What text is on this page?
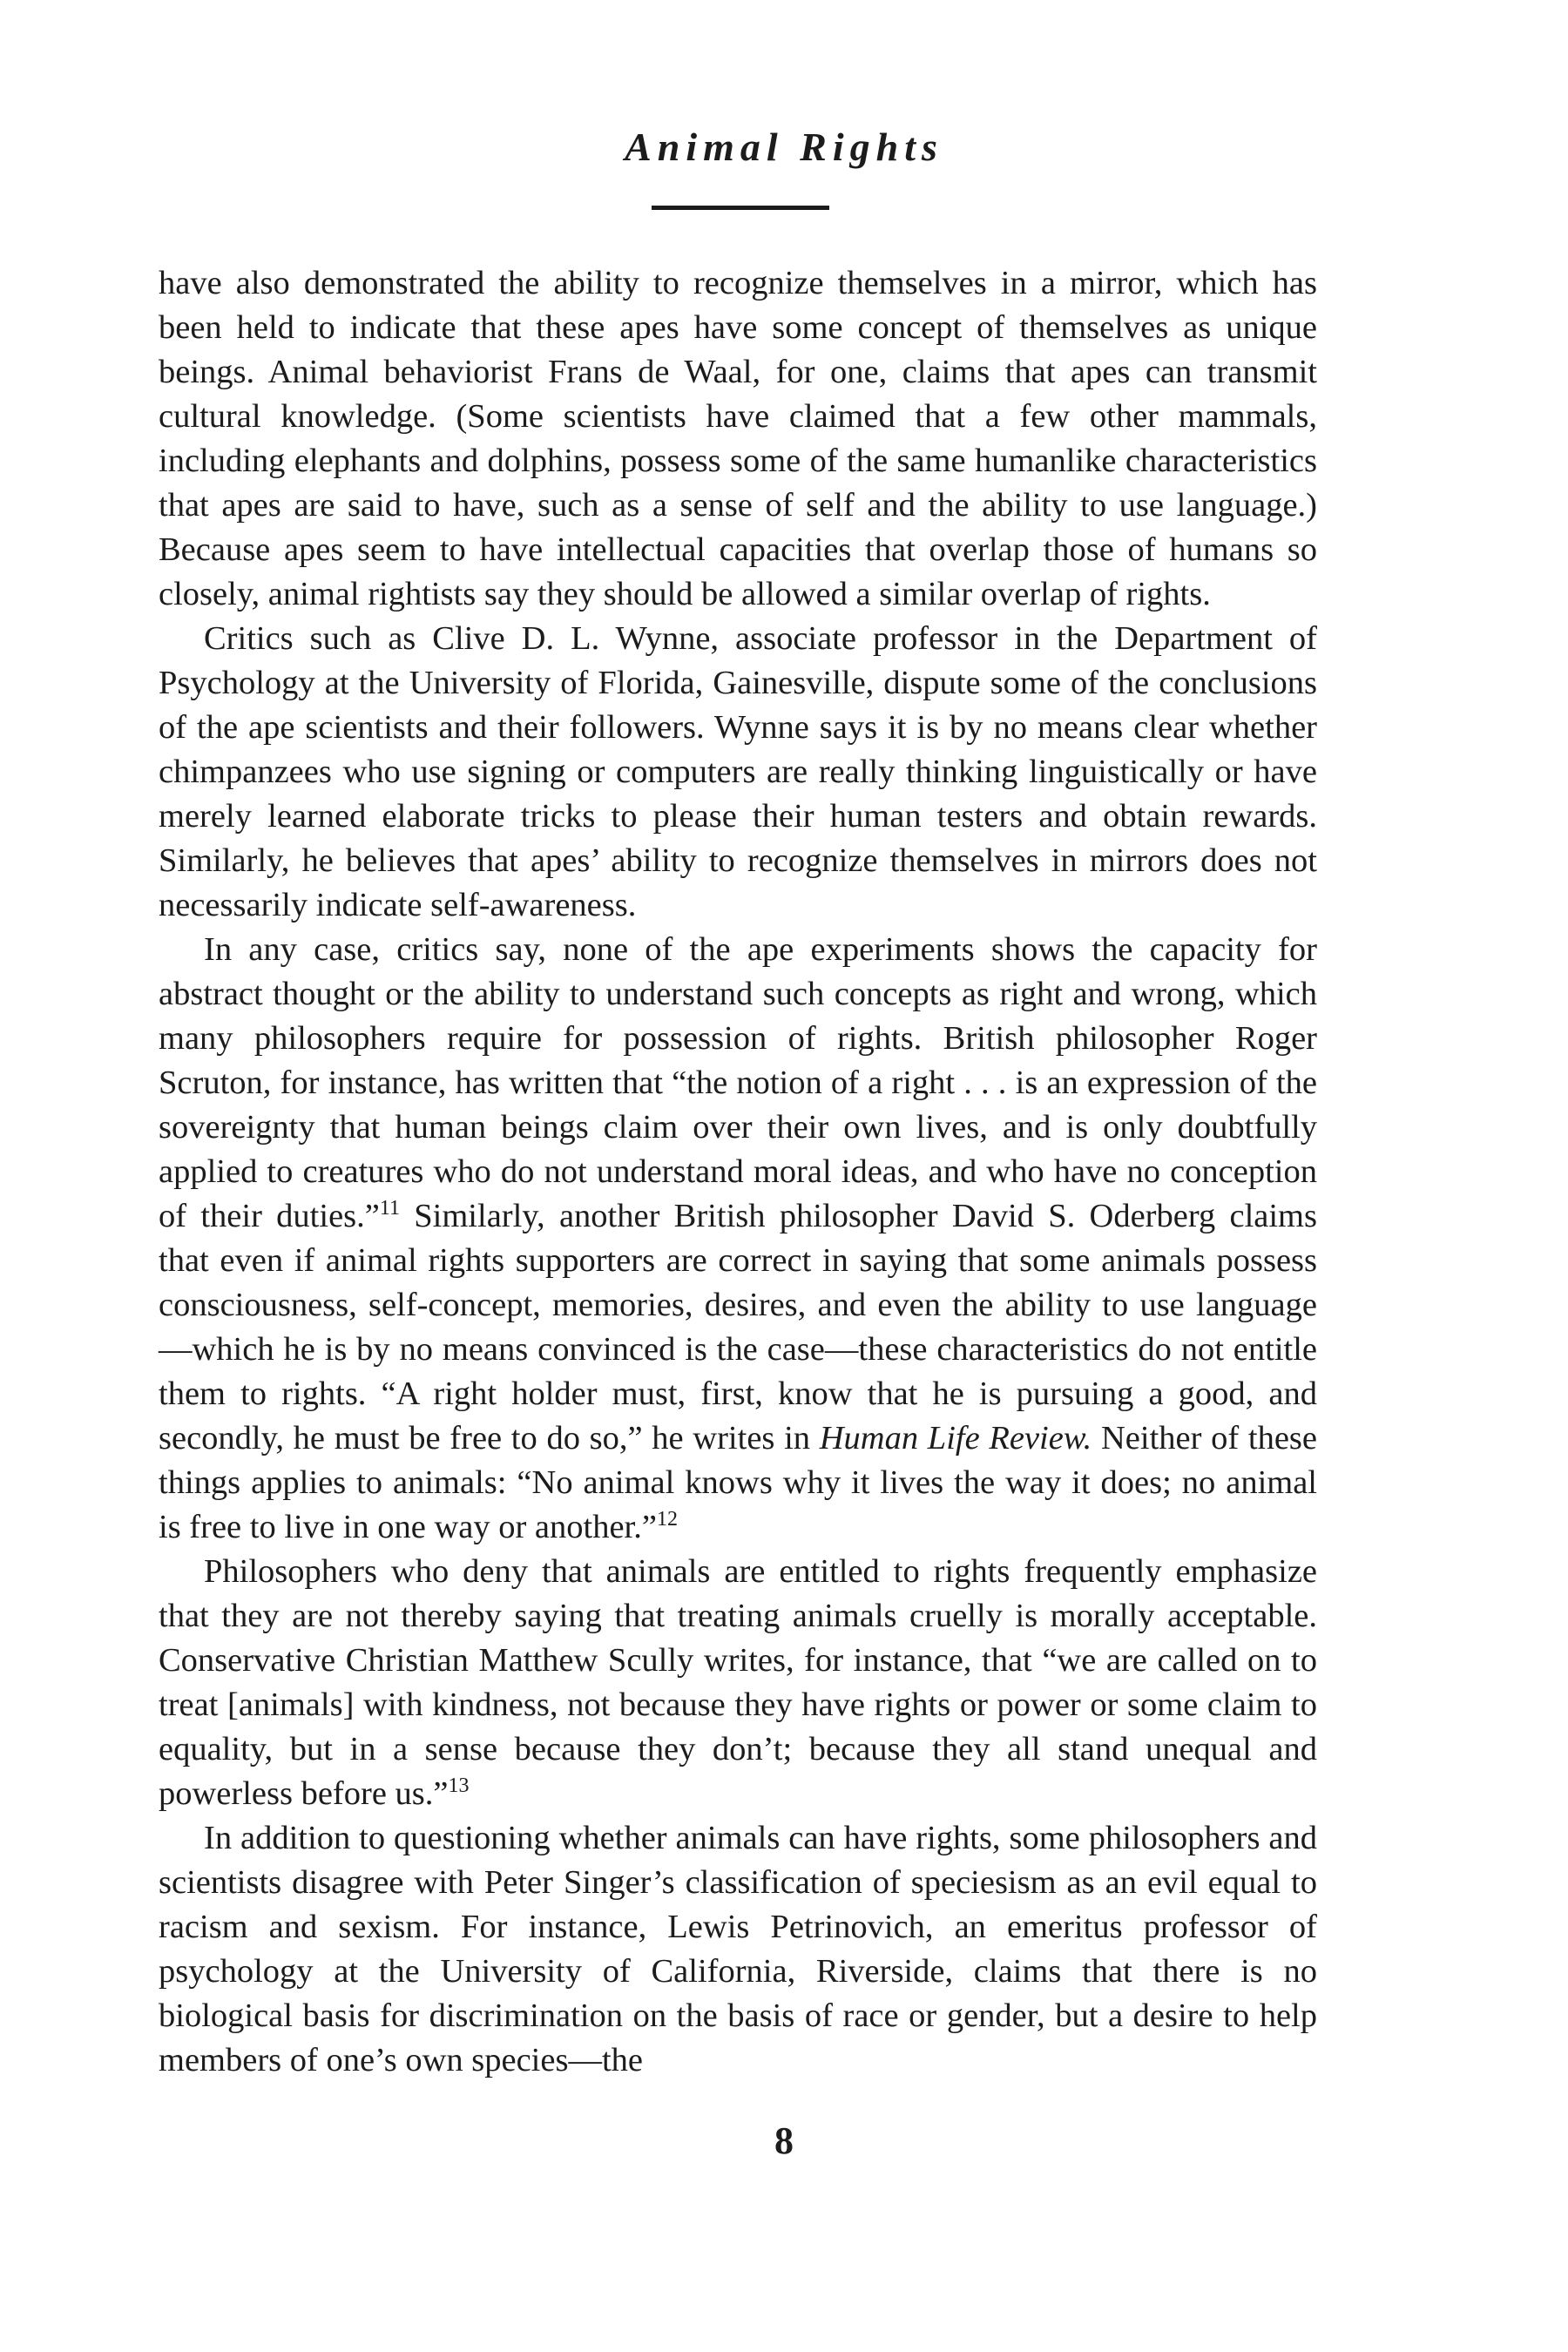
Animal Rights

have also demonstrated the ability to recognize themselves in a mirror, which has been held to indicate that these apes have some concept of themselves as unique beings. Animal behaviorist Frans de Waal, for one, claims that apes can transmit cultural knowledge. (Some scientists have claimed that a few other mammals, including elephants and dolphins, possess some of the same humanlike characteristics that apes are said to have, such as a sense of self and the ability to use language.) Because apes seem to have intellectual capacities that overlap those of humans so closely, animal rightists say they should be allowed a similar overlap of rights.

Critics such as Clive D. L. Wynne, associate professor in the Department of Psychology at the University of Florida, Gainesville, dispute some of the conclusions of the ape scientists and their followers. Wynne says it is by no means clear whether chimpanzees who use signing or computers are really thinking linguistically or have merely learned elaborate tricks to please their human testers and obtain rewards. Similarly, he believes that apes’ ability to recognize themselves in mirrors does not necessarily indicate self-awareness.

In any case, critics say, none of the ape experiments shows the capacity for abstract thought or the ability to understand such concepts as right and wrong, which many philosophers require for possession of rights. British philosopher Roger Scruton, for instance, has written that “the notion of a right . . . is an expression of the sovereignty that human beings claim over their own lives, and is only doubtfully applied to creatures who do not understand moral ideas, and who have no conception of their duties.”$^{11}$ Similarly, another British philosopher David S. Oderberg claims that even if animal rights supporters are correct in saying that some animals possess consciousness, self-concept, memories, desires, and even the ability to use language—which he is by no means convinced is the case—these characteristics do not entitle them to rights. “A right holder must, first, know that he is pursuing a good, and secondly, he must be free to do so,” he writes in Human Life Review. Neither of these things applies to animals: “No animal knows why it lives the way it does; no animal is free to live in one way or another.”$^{12}$

Philosophers who deny that animals are entitled to rights frequently emphasize that they are not thereby saying that treating animals cruelly is morally acceptable. Conservative Christian Matthew Scully writes, for instance, that “we are called on to treat [animals] with kindness, not because they have rights or power or some claim to equality, but in a sense because they don’t; because they all stand unequal and powerless before us.”$^{13}$

In addition to questioning whether animals can have rights, some philosophers and scientists disagree with Peter Singer’s classification of speciesism as an evil equal to racism and sexism. For instance, Lewis Petrinovich, an emeritus professor of psychology at the University of California, Riverside, claims that there is no biological basis for discrimination on the basis of race or gender, but a desire to help members of one’s own species—the

8
